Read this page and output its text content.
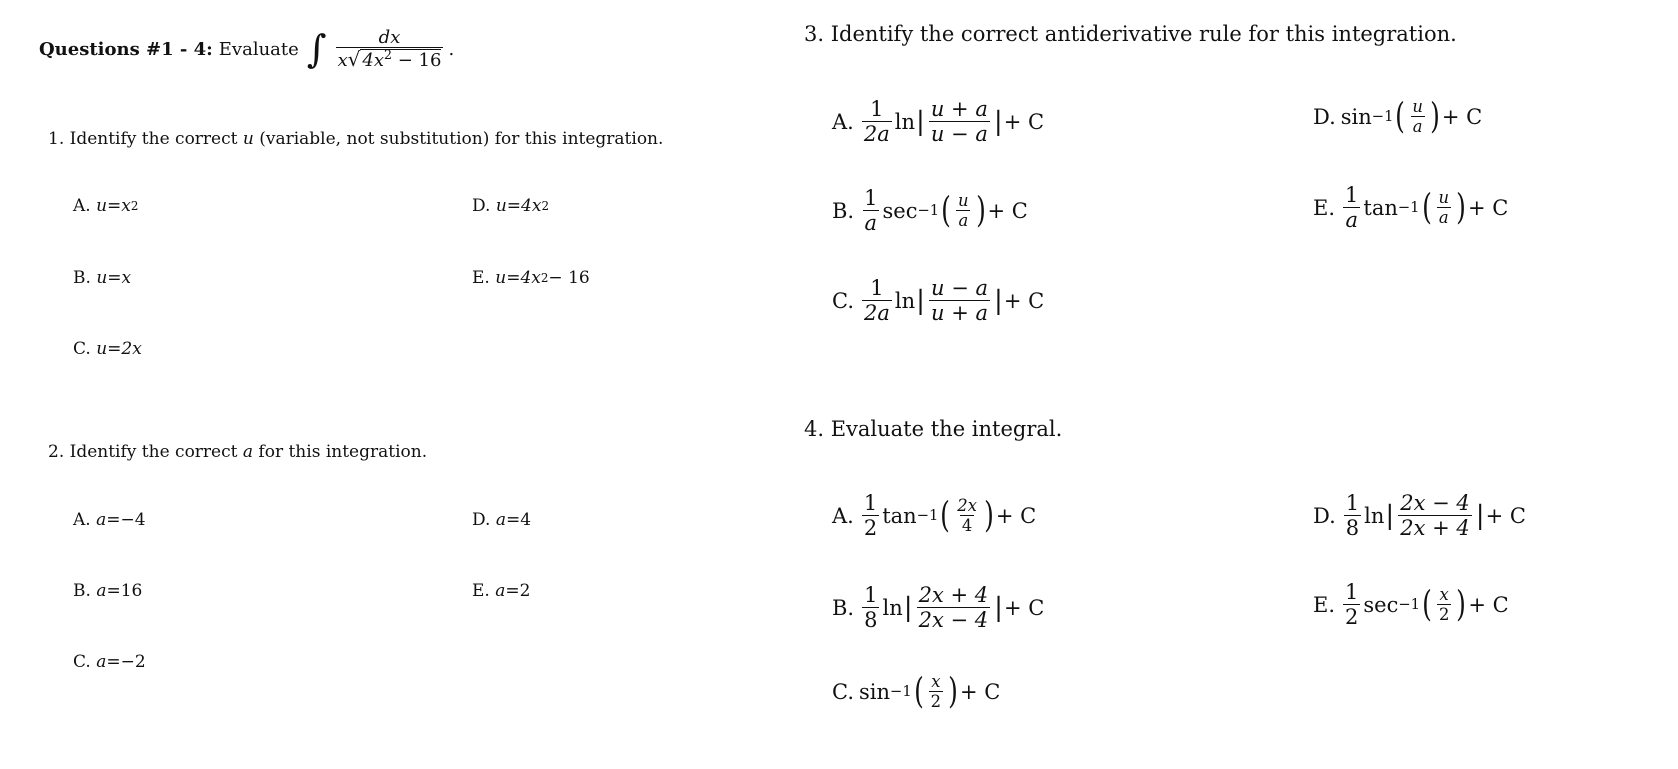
Questions #1 - 4: Evaluate ∫ $\frac{dx}{x√ 4x^2 - 16}$ .
1. Identify the correct u (variable, not substitution) for this integration.
A.
u = x 2
B.
u = x
C.
u = 2x
D.
u = 4x 2
E.
u = 4x 2 − 16
2. Identify the correct a for this integration.
A.
a = −4
B.
a = 16
C.
a = −2
D.
a = 4
E.
a = 2
3. Identify the correct antiderivative rule for this integration.
A. $\frac{1}{2a}$ ln | $\frac{u + a}{u - a}$ | + C
B. $\frac{1}{a}$ sec −1 ( $\frac{u}{a}$ ) + C
C. $\frac{1}{2a}$ ln | $\frac{u - a}{u + a}$ | + C
D. sin −1 ( $\frac{u}{a}$ ) + C
E. $\frac{1}{a}$ tan −1 ( $\frac{u}{a}$ ) + C
4. Evaluate the integral.
A. $\frac{1}{2}$ tan −1 ( $\frac{2x}{4}$ ) + C
B. $\frac{1}{8}$ ln | $\frac{2x + 4}{2x - 4}$ | + C
C. sin −1 ( $\frac{x}{2}$ ) + C
D. $\frac{1}{8}$ ln | $\frac{2x - 4}{2x + 4}$ | + C
E. $\frac{1}{2}$ sec −1 ( $\frac{x}{2}$ ) + C
